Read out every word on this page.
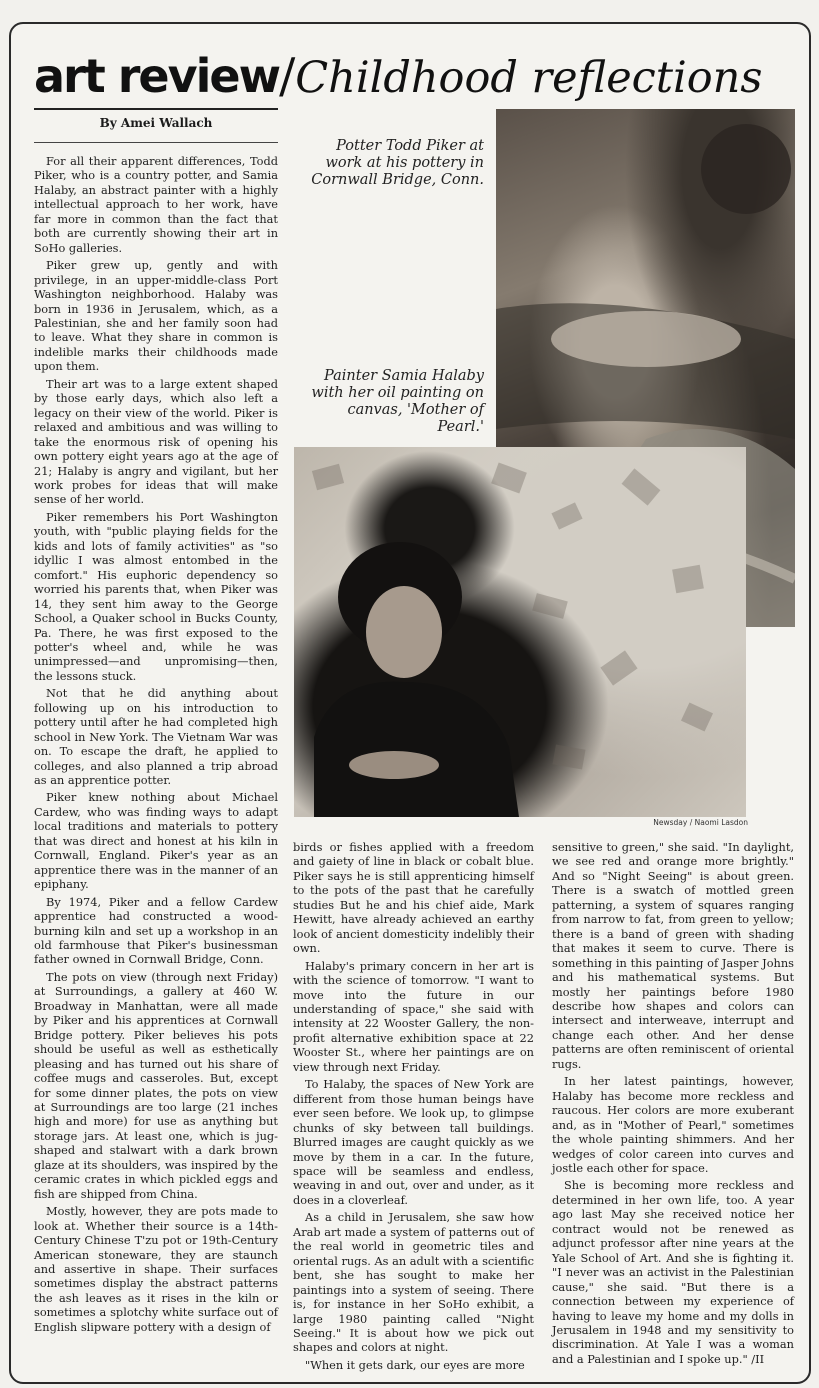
art review/Childhood reflections
By Amei Wallach

For all their apparent differences, Todd Piker, who is a country potter, and Samia Halaby, an abstract painter with a highly intellectual approach to her work, have far more in common than the fact that both are currently showing their art in SoHo galleries.

Piker grew up, gently and with privilege, in an upper-middle-class Port Washington neighborhood. Halaby was born in 1936 in Jerusalem, which, as a Palestinian, she and her family soon had to leave. What they share in common is indelible marks their childhoods made upon them.

Their art was to a large extent shaped by those early days, which also left a legacy on their view of the world. Piker is relaxed and ambitious and was willing to take the enormous risk of opening his own pottery eight years ago at the age of 21; Halaby is angry and vigilant, but her work probes for ideas that will make sense of her world.

Piker remembers his Port Washington youth, with "public playing fields for the kids and lots of family activities" as "so idyllic I was almost entombed in the comfort." His euphoric dependency so worried his parents that, when Piker was 14, they sent him away to the George School, a Quaker school in Bucks County, Pa. There, he was first exposed to the potter's wheel and, while he was unimpressed—and unpromising—then, the lessons stuck.

Not that he did anything about following up on his introduction to pottery until after he had completed high school in New York. The Vietnam War was on. To escape the draft, he applied to colleges, and also planned a trip abroad as an apprentice potter.

Piker knew nothing about Michael Cardew, who was finding ways to adapt local traditions and materials to pottery that was direct and honest at his kiln in Cornwall, England. Piker's year as an apprentice there was in the manner of an epiphany.

By 1974, Piker and a fellow Cardew apprentice had constructed a wood-burning kiln and set up a workshop in an old farmhouse that Piker's businessman father owned in Cornwall Bridge, Conn.

The pots on view (through next Friday) at Surroundings, a gallery at 460 W. Broadway in Manhattan, were all made by Piker and his apprentices at Cornwall Bridge pottery. Piker believes his pots should be useful as well as esthetically pleasing and has turned out his share of coffee mugs and casseroles. But, except for some dinner plates, the pots on view at Surroundings are too large (21 inches high and more) for use as anything but storage jars. At least one, which is jug-shaped and stalwart with a dark brown glaze at its shoulders, was inspired by the ceramic crates in which pickled eggs and fish are shipped from China.

Mostly, however, they are pots made to look at. Whether their source is a 14th-Century Chinese T'zu pot or 19th-Century American stoneware, they are staunch and assertive in shape. Their surfaces sometimes display the abstract patterns the ash leaves as it rises in the kiln or sometimes a splotchy white surface out of English slipware pottery with a design of

Potter Todd Piker at work at his pottery in Cornwall Bridge, Conn.
Painter Samia Halaby with her oil painting on canvas, 'Mother of Pearl.'
Newsday / Naomi Lasdon

birds or fishes applied with a freedom and gaiety of line in black or cobalt blue. Piker says he is still apprenticing himself to the pots of the past that he carefully studies But he and his chief aide, Mark Hewitt, have already achieved an earthy look of ancient domesticity indelibly their own.

Halaby's primary concern in her art is with the science of tomorrow. "I want to move into the future in our understanding of space," she said with intensity at 22 Wooster Gallery, the non-profit alternative exhibition space at 22 Wooster St., where her paintings are on view through next Friday.

To Halaby, the spaces of New York are different from those human beings have ever seen before. We look up, to glimpse chunks of sky between tall buildings. Blurred images are caught quickly as we move by them in a car. In the future, space will be seamless and endless, weaving in and out, over and under, as it does in a cloverleaf.

As a child in Jerusalem, she saw how Arab art made a system of patterns out of the real world in geometric tiles and oriental rugs. As an adult with a scientific bent, she has sought to make her paintings into a system of seeing. There is, for instance in her SoHo exhibit, a large 1980 painting called "Night Seeing." It is about how we pick out shapes and colors at night.

"When it gets dark, our eyes are more

sensitive to green," she said. "In daylight, we see red and orange more brightly." And so "Night Seeing" is about green. There is a swatch of mottled green patterning, a system of squares ranging from narrow to fat, from green to yellow; there is a band of green with shading that makes it seem to curve. There is something in this painting of Jasper Johns and his mathematical systems. But mostly her paintings before 1980 describe how shapes and colors can intersect and interweave, interrupt and change each other. And her dense patterns are often reminiscent of oriental rugs.

In her latest paintings, however, Halaby has become more reckless and raucous. Her colors are more exuberant and, as in "Mother of Pearl," sometimes the whole painting shimmers. And her wedges of color careen into curves and jostle each other for space.

She is becoming more reckless and determined in her own life, too. A year ago last May she received notice her contract would not be renewed as adjunct professor after nine years at the Yale School of Art. And she is fighting it. "I never was an activist in the Palestinian cause," she said. "But there is a connection between my experience of having to leave my home and my dolls in Jerusalem in 1948 and my sensitivity to discrimination. At Yale I was a woman and a Palestinian and I spoke up." /II
